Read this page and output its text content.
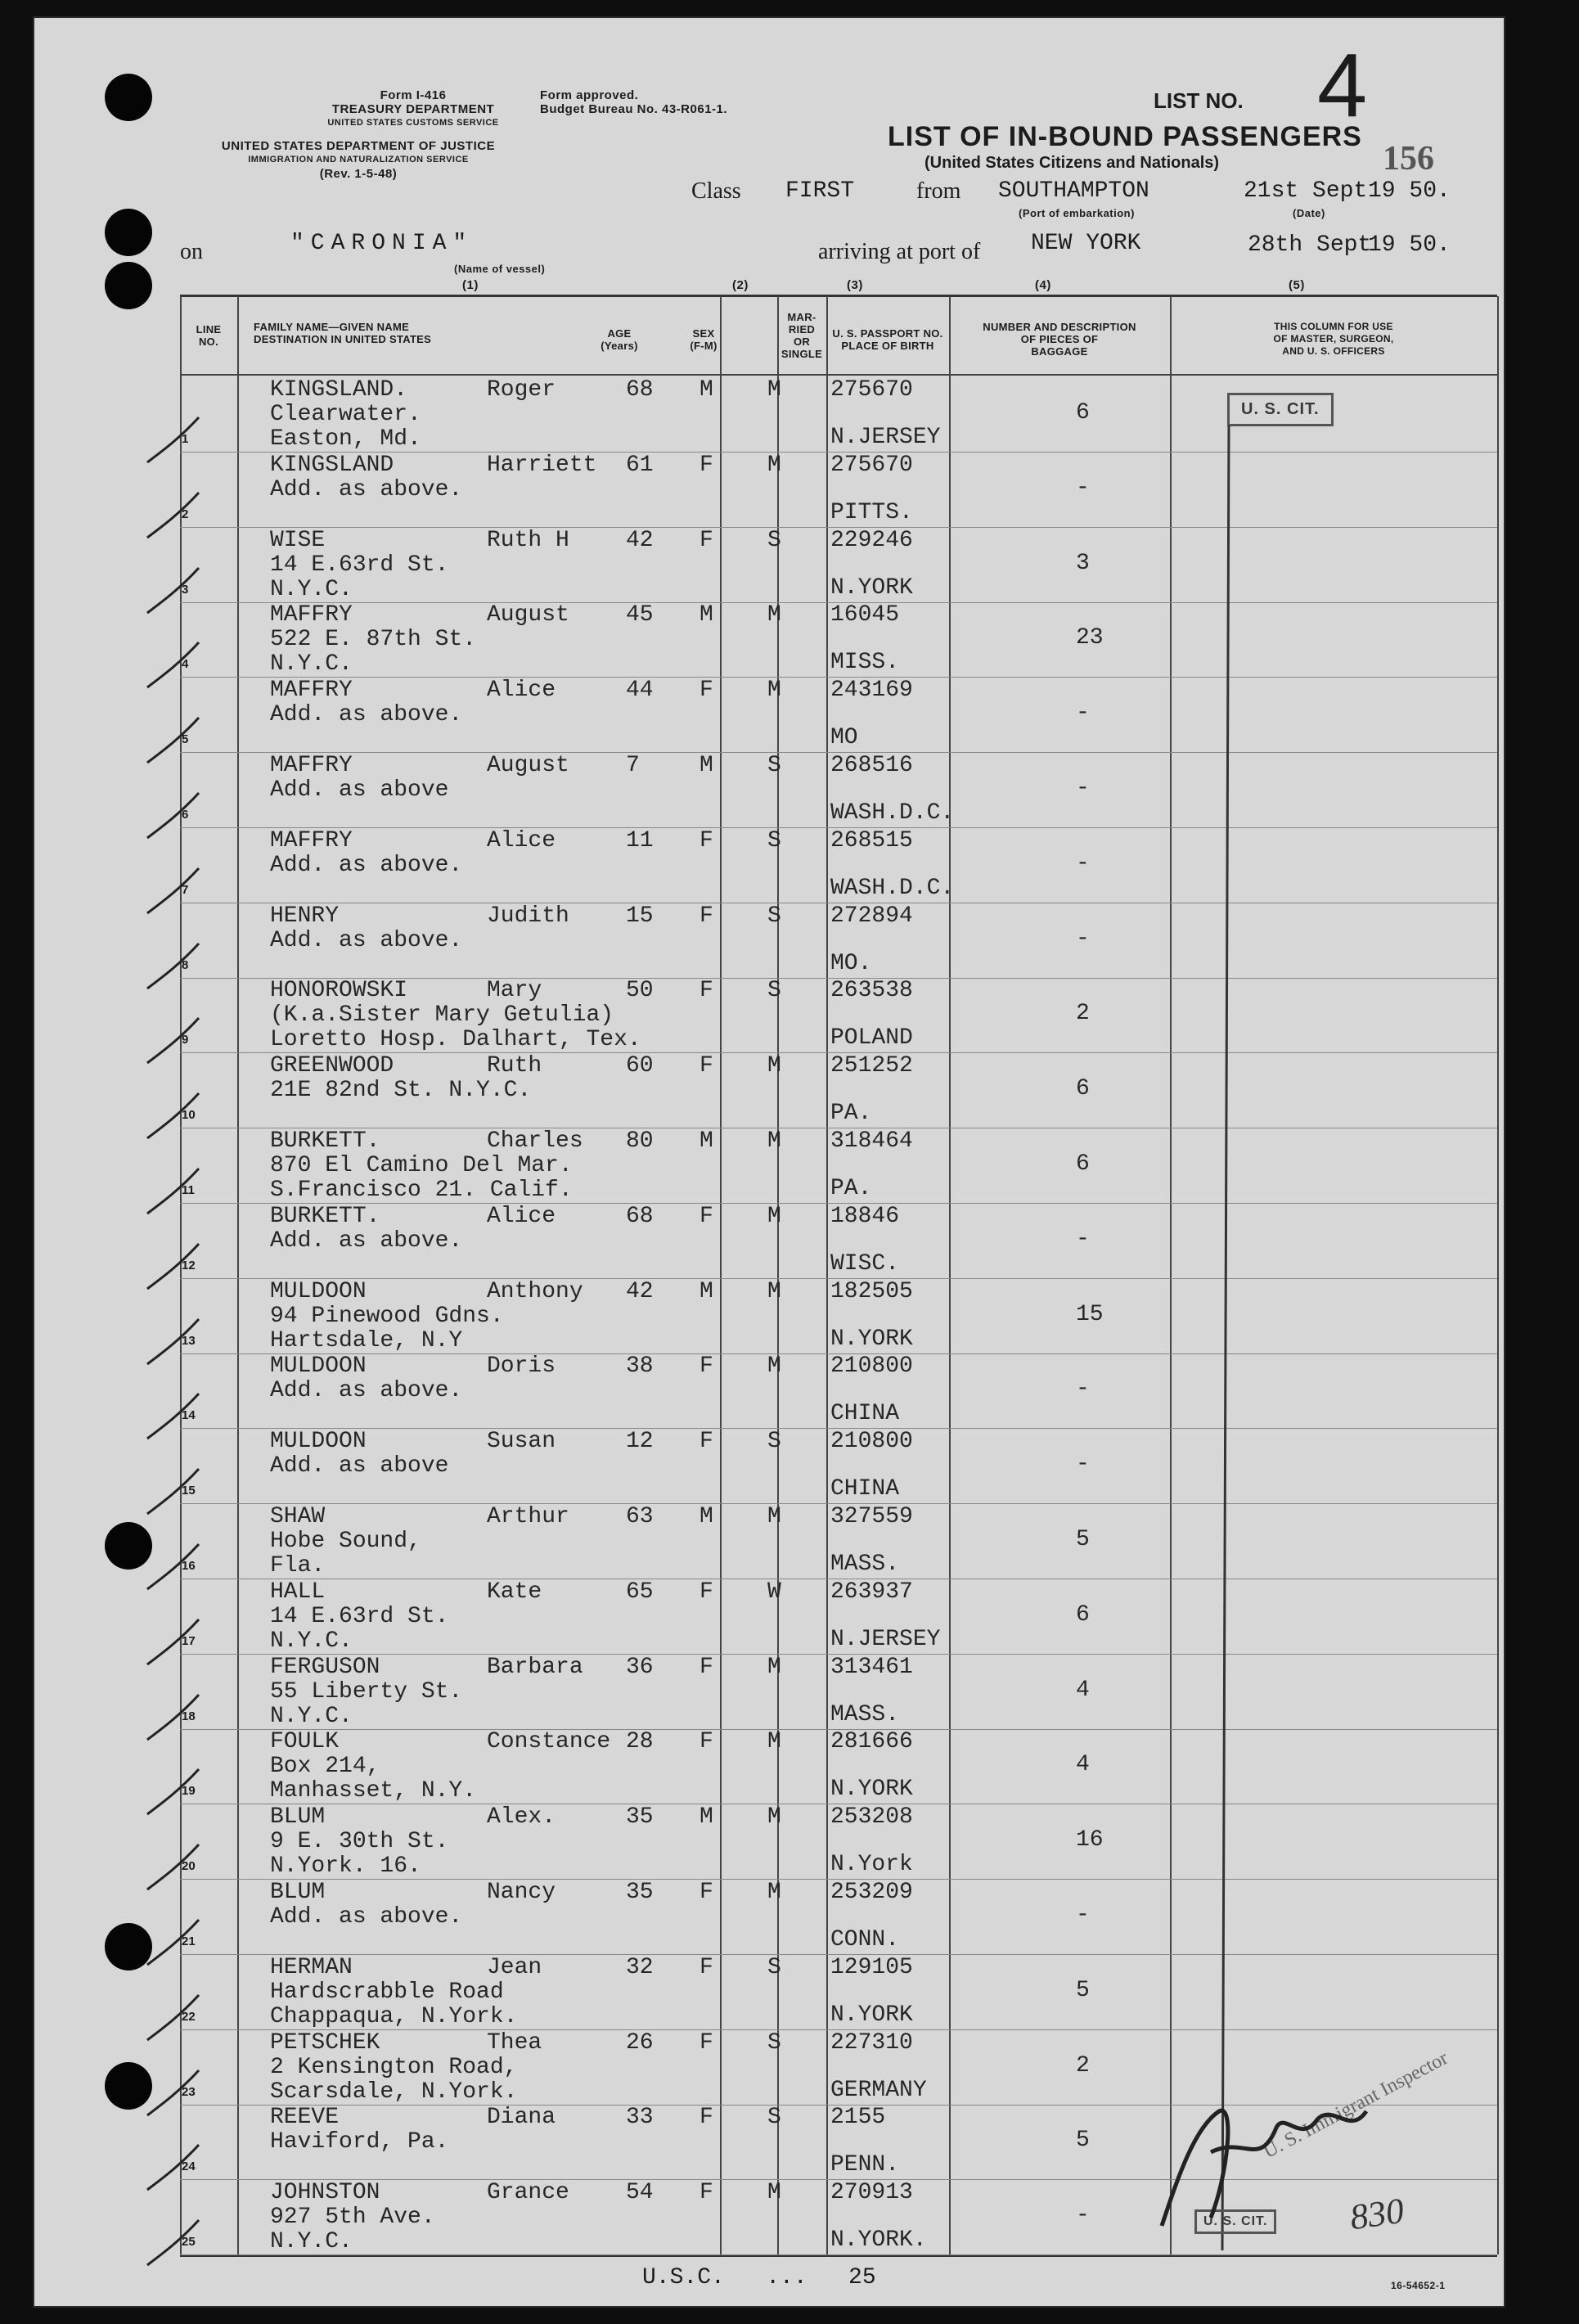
Form I-416
TREASURY DEPARTMENT
UNITED STATES CUSTOMS SERVICE
Form approved.
Budget Bureau No. 43-R061-1.
UNITED STATES DEPARTMENT OF JUSTICE
IMMIGRATION AND NATURALIZATION SERVICE
(Rev. 1-5-48)
LIST NO. 4
156
LIST OF IN-BOUND PASSENGERS
(United States Citizens and Nationals)
Class FIRST	from SOUTHAMPTON
(Port of embarkation)
21st Sept 19 50.
(Date)
on	"CARONIA"
(Name of vessel)
arriving at port of NEW YORK	28th Sept
19 50.
(1)	(2)	(3)	(4)	(5)
LINE
NO.
FAMILY NAME—GIVEN NAME
DESTINATION IN UNITED STATES	AGE
(Years)
SEX
(F-M)
MAR-
RIED
OR
SINGLE
U. S. PASSPORT NO.
PLACE OF BIRTH
NUMBER AND DESCRIPTION
OF PIECES OF
BAGGAGE
THIS COLUMN FOR USE
OF MASTER, SURGEON,
AND U. S. OFFICERS
1
KINGSLAND.	Roger
Clearwater.
Easton, Md.
68 M M 275670
N.JERSEY
6
2
KINGSLAND	Harriett
Add. as above.
61 F M 275670
PITTS.
-
3
WISE	Ruth H
14 E.63rd St.
N.Y.C.
42 F S 229246
N.YORK
3
4
MAFFRY	August
522 E. 87th St.
N.Y.C.
45 M M 16045
MISS.
23
5
MAFFRY	Alice
Add. as above.
44 F M 243169
MO
-
6
MAFFRY	August
Add. as above
7	M S 268516
WASH.D.C.
-
7
MAFFRY	Alice
Add. as above.
11 F S 268515
WASH.D.C.
-
8
HENRY	Judith
Add. as above.
15 F S 272894
MO.
-
9
HONOROWSKI	Mary
(K.a.Sister Mary Getulia)
Loretto Hosp. Dalhart, Tex.
50 F S 263538
POLAND
2
10
GREENWOOD	Ruth
21E 82nd St. N.Y.C.
60 F M 251252
PA.
6
11
BURKETT.	Charles
870 El Camino Del Mar.
S.Francisco 21. Calif.
80 M M 318464
PA.
6
12
BURKETT.	Alice
Add. as above.
68 F M 18846
WISC.
-
13
MULDOON	Anthony
94 Pinewood Gdns.
Hartsdale, N.Y
42 M M 182505
N.YORK
15
14
MULDOON	Doris
Add. as above.
38 F M 210800
CHINA
-
15
MULDOON	Susan
Add. as above
12 F S 210800
CHINA
-
16
SHAW	Arthur
Hobe Sound,
Fla.
63 M M 327559
MASS.
5
17
HALL	Kate
14 E.63rd St.
N.Y.C.
65 F W 263937
N.JERSEY
6
18
FERGUSON	Barbara
55 Liberty St.
N.Y.C.
36 F M 313461
MASS.
4
19
FOULK	Constance
Box 214,
Manhasset, N.Y.
28 F M 281666
N.YORK
4
20
BLUM	Alex.
9 E. 30th St.
N.York. 16.
35 M M 253208
N.York
16
21
BLUM	Nancy
Add. as above.
35 F M 253209
CONN.
-
22
HERMAN	Jean
Hardscrabble Road
Chappaqua, N.York.
32 F S 129105
N.YORK
5
23
PETSCHEK	Thea
2 Kensington Road,
Scarsdale, N.York.
26 F S 227310
GERMANY
2
24
REEVE	Diana
Haviford, Pa.
33 F S 2155
PENN.
5
25
JOHNSTON	Grance
927 5th Ave.
N.Y.C.
54 F M 270913
N.YORK.
-
U. S. CIT.
U. S. CIT.
U. S. Immigrant Inspector
830
U.S.C.   ...   25	16-54652-1
